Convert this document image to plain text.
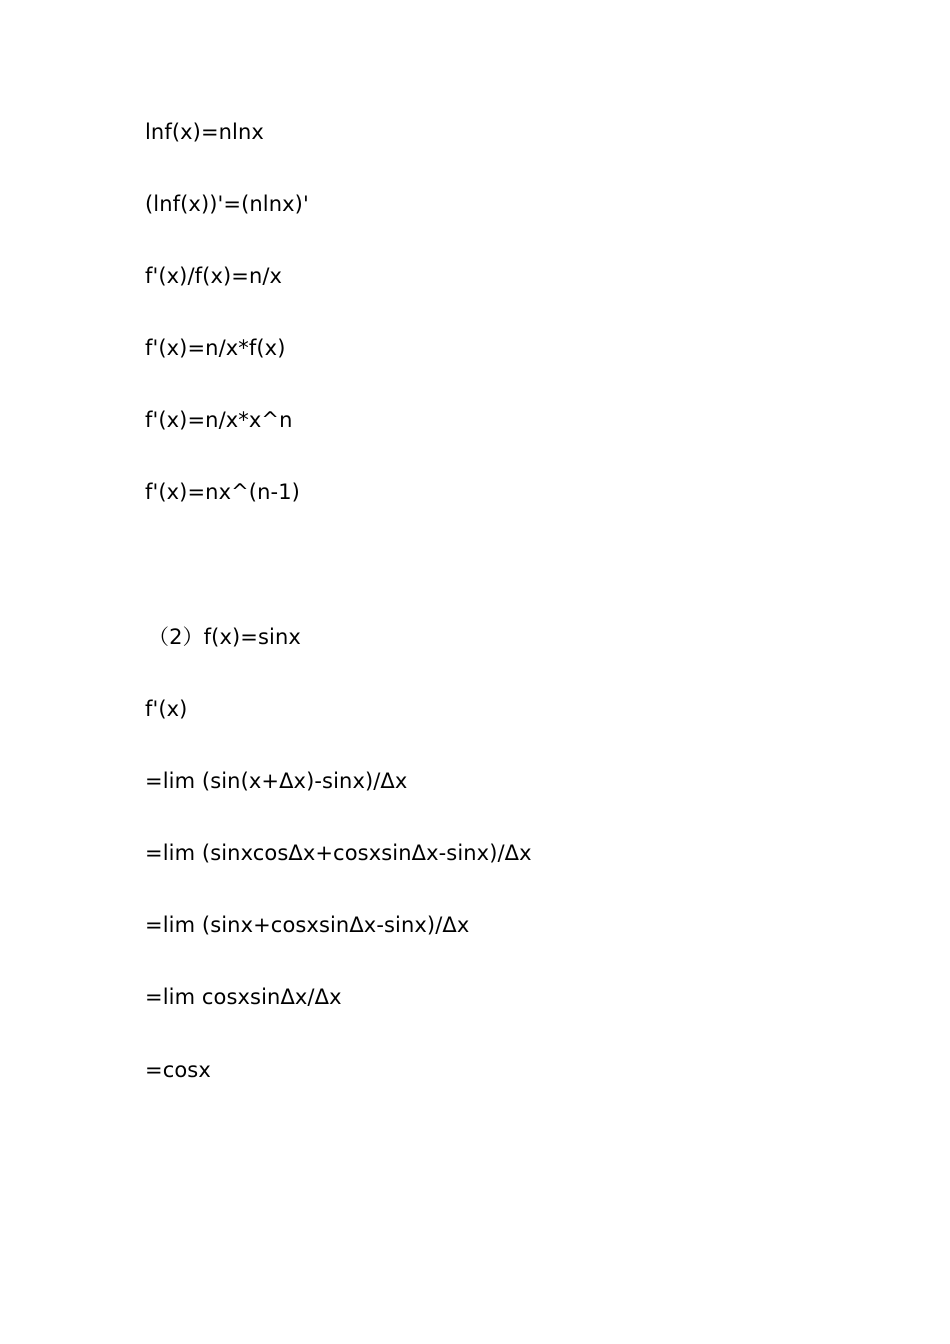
lnf(x)=nlnx
(lnf(x))'=(nlnx)'
f'(x)/f(x)=n/x
f'(x)=n/x*f(x)
f'(x)=n/x*x^n
f'(x)=nx^(n-1)
（2）f(x)=sinx
f'(x)
=lim (sin(x+Δx)-sinx)/Δx
=lim (sinxcosΔx+cosxsinΔx-sinx)/Δx
=lim (sinx+cosxsinΔx-sinx)/Δx
=lim cosxsinΔx/Δx
=cosx
